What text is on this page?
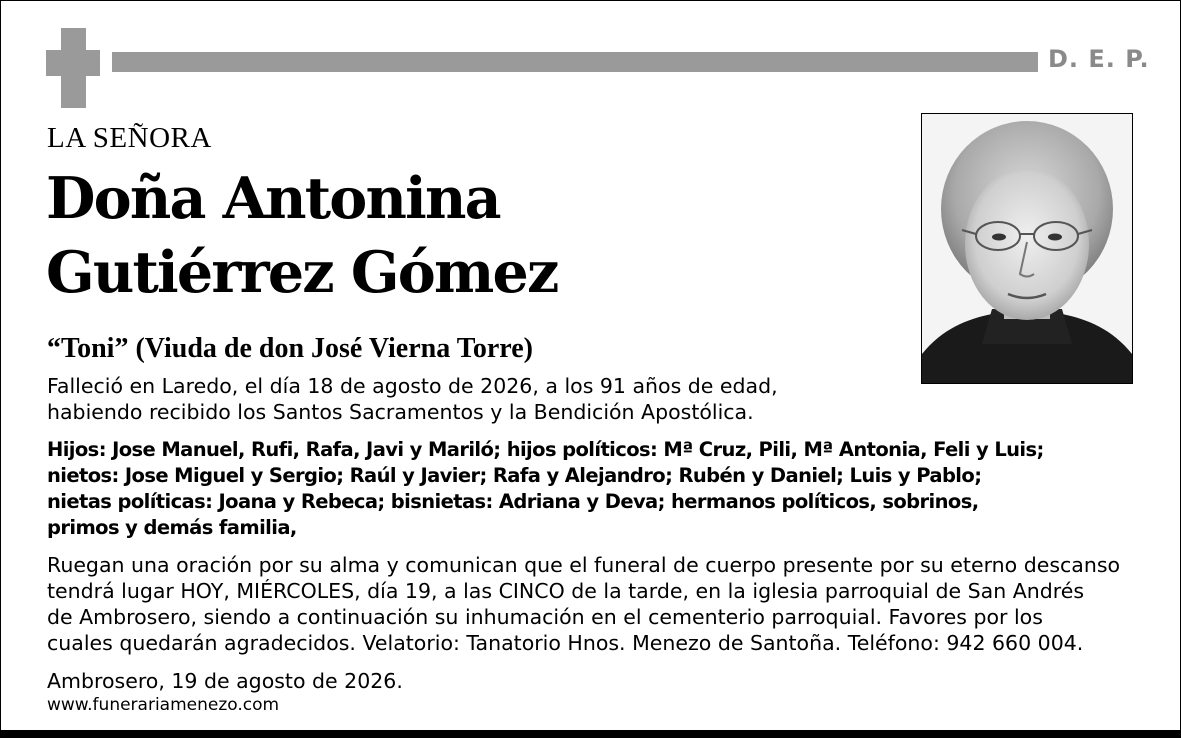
D. E. P.
LA SEÑORA
Doña Antonina
Gutiérrez Gómez
“Toni” (Viuda de don José Vierna Torre)

Falleció en Laredo, el día 18 de agosto de 2026, a los 91 años de edad,
habiendo recibido los Santos Sacramentos y la Bendición Apostólica.

Hijos: Jose Manuel, Rufi, Rafa, Javi y Mariló; hijos políticos: Mª Cruz, Pili, Mª Antonia, Feli y Luis;
nietos: Jose Miguel y Sergio; Raúl y Javier; Rafa y Alejandro; Rubén y Daniel; Luis y Pablo;
nietas políticas: Joana y Rebeca; bisnietas: Adriana y Deva; hermanos políticos, sobrinos,
primos y demás familia,

Ruegan una oración por su alma y comunican que el funeral de cuerpo presente por su eterno descanso
tendrá lugar HOY, MIÉRCOLES, día 19, a las CINCO de la tarde, en la iglesia parroquial de San Andrés
de Ambrosero, siendo a continuación su inhumación en el cementerio parroquial. Favores por los
cuales quedarán agradecidos. Velatorio: Tanatorio Hnos. Menezo de Santoña. Teléfono: 942 660 004.

Ambrosero, 19 de agosto de 2026.

www.funerariamenezo.com
